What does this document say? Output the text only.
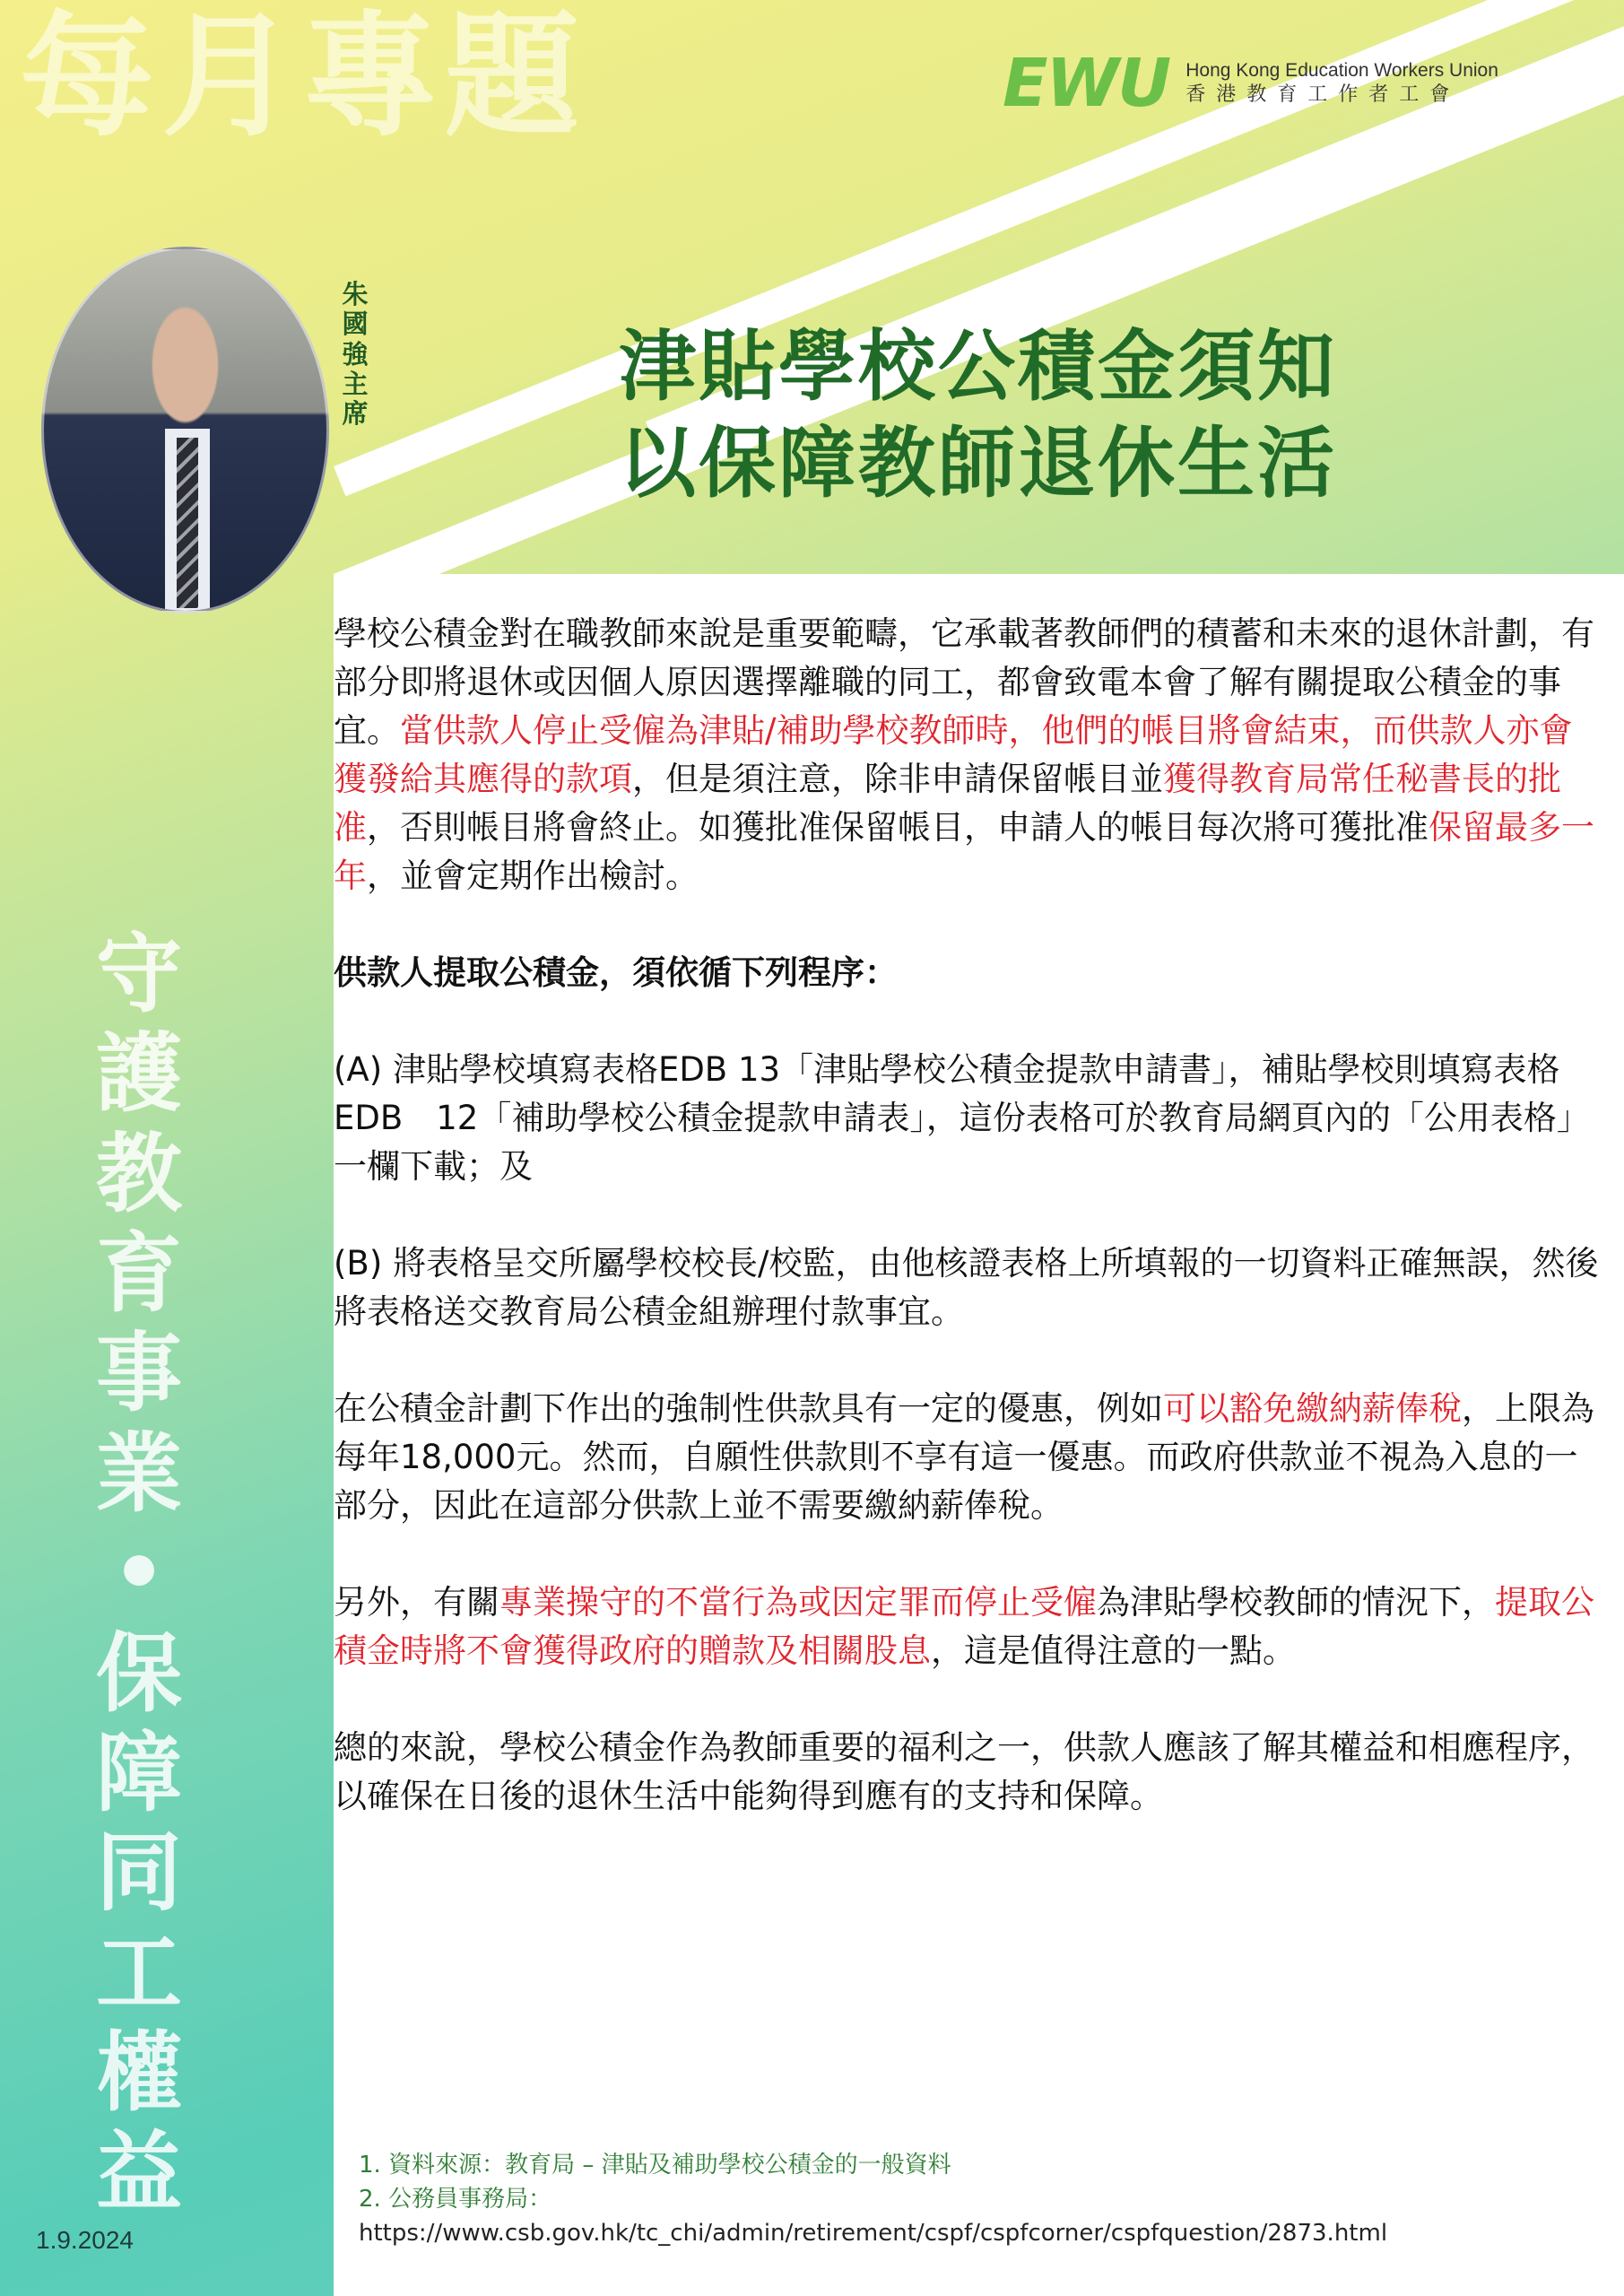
每月專題	EWU Hong Kong Education Workers Union
香港教育工作者工會
朱國強主席
津貼學校公積金須知
以保障教師退休生活
守護教育事業•保障同工權益

學校公積金對在職教師來說是重要範疇，它承載著教師們的積蓄和未來的退休計劃，有部分即將退休或因個人原因選擇離職的同工，都會致電本會了解有關提取公積金的事宜。當供款人停止受僱為津貼/補助學校教師時，他們的帳目將會結束，而供款人亦會獲發給其應得的款項，但是須注意，除非申請保留帳目並獲得教育局常任秘書長的批准，否則帳目將會終止。如獲批准保留帳目，申請人的帳目每次將可獲批准保留最多一年，並會定期作出檢討。

供款人提取公積金，須依循下列程序：

(A) 津貼學校填寫表格EDB 13「津貼學校公積金提款申請書」，補貼學校則填寫表格EDB　12「補助學校公積金提款申請表」，這份表格可於教育局網頁內的「公用表格」一欄下載；及

(B) 將表格呈交所屬學校校長/校監，由他核證表格上所填報的一切資料正確無誤，然後將表格送交教育局公積金組辦理付款事宜。

在公積金計劃下作出的強制性供款具有一定的優惠，例如可以豁免繳納薪俸稅，上限為每年18,000元。然而，自願性供款則不享有這一優惠。而政府供款並不視為入息的一部分，因此在這部分供款上並不需要繳納薪俸稅。

另外，有關專業操守的不當行為或因定罪而停止受僱為津貼學校教師的情況下，提取公積金時將不會獲得政府的贈款及相關股息，這是值得注意的一點。

總的來說，學校公積金作為教師重要的福利之一，供款人應該了解其權益和相應程序，以確保在日後的退休生活中能夠得到應有的支持和保障。

1. 資料來源：教育局 – 津貼及補助學校公積金的一般資料
2. 公務員事務局：
https://www.csb.gov.hk/tc_chi/admin/retirement/cspf/cspfcorner/cspfquestion/2873.html
1.9.2024
